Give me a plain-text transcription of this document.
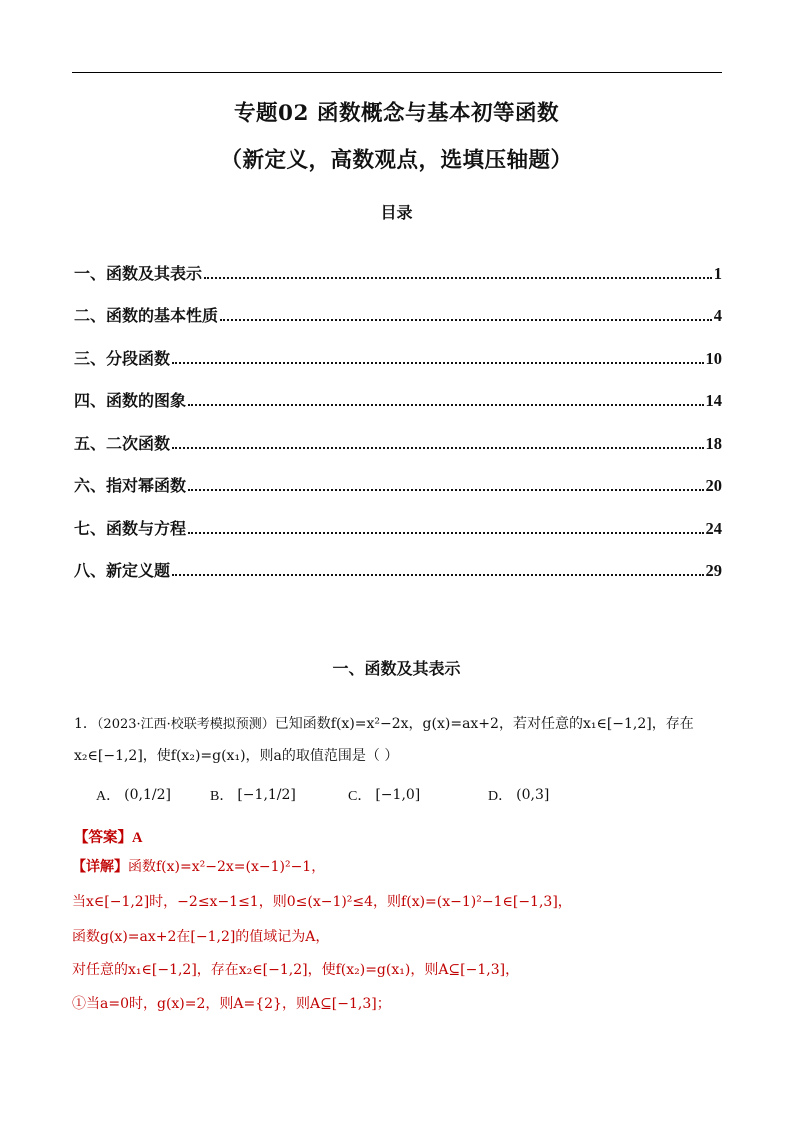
专题02 函数概念与基本初等函数
（新定义，高数观点，选填压轴题）
目录
一、函数及其表示	1
二、函数的基本性质	4
三、分段函数	10
四、函数的图象	14
五、二次函数	18
六、指对幂函数	20
七、函数与方程	24
八、新定义题	29
一、函数及其表示
1．（2023·江西·校联考模拟预测）已知函数f(x)=x²−2x，g(x)=ax+2，若对任意的x₁∈[−1,2]，存在
x₂∈[−1,2]，使f(x₂)=g(x₁)，则a的取值范围是（ ）
A． (0,1/2]	B． [−1,1/2]	C． [−1,0]	D． (0,3]
【答案】A
【详解】函数f(x)=x²−2x=(x−1)²−1，
当x∈[−1,2]时，−2≤x−1≤1，则0≤(x−1)²≤4，则f(x)=(x−1)²−1∈[−1,3]，
函数g(x)=ax+2在[−1,2]的值域记为A，
对任意的x₁∈[−1,2]，存在x₂∈[−1,2]，使f(x₂)=g(x₁)，则A⊆[−1,3]，
①当a=0时，g(x)=2，则A={2}，则A⊆[−1,3]；
